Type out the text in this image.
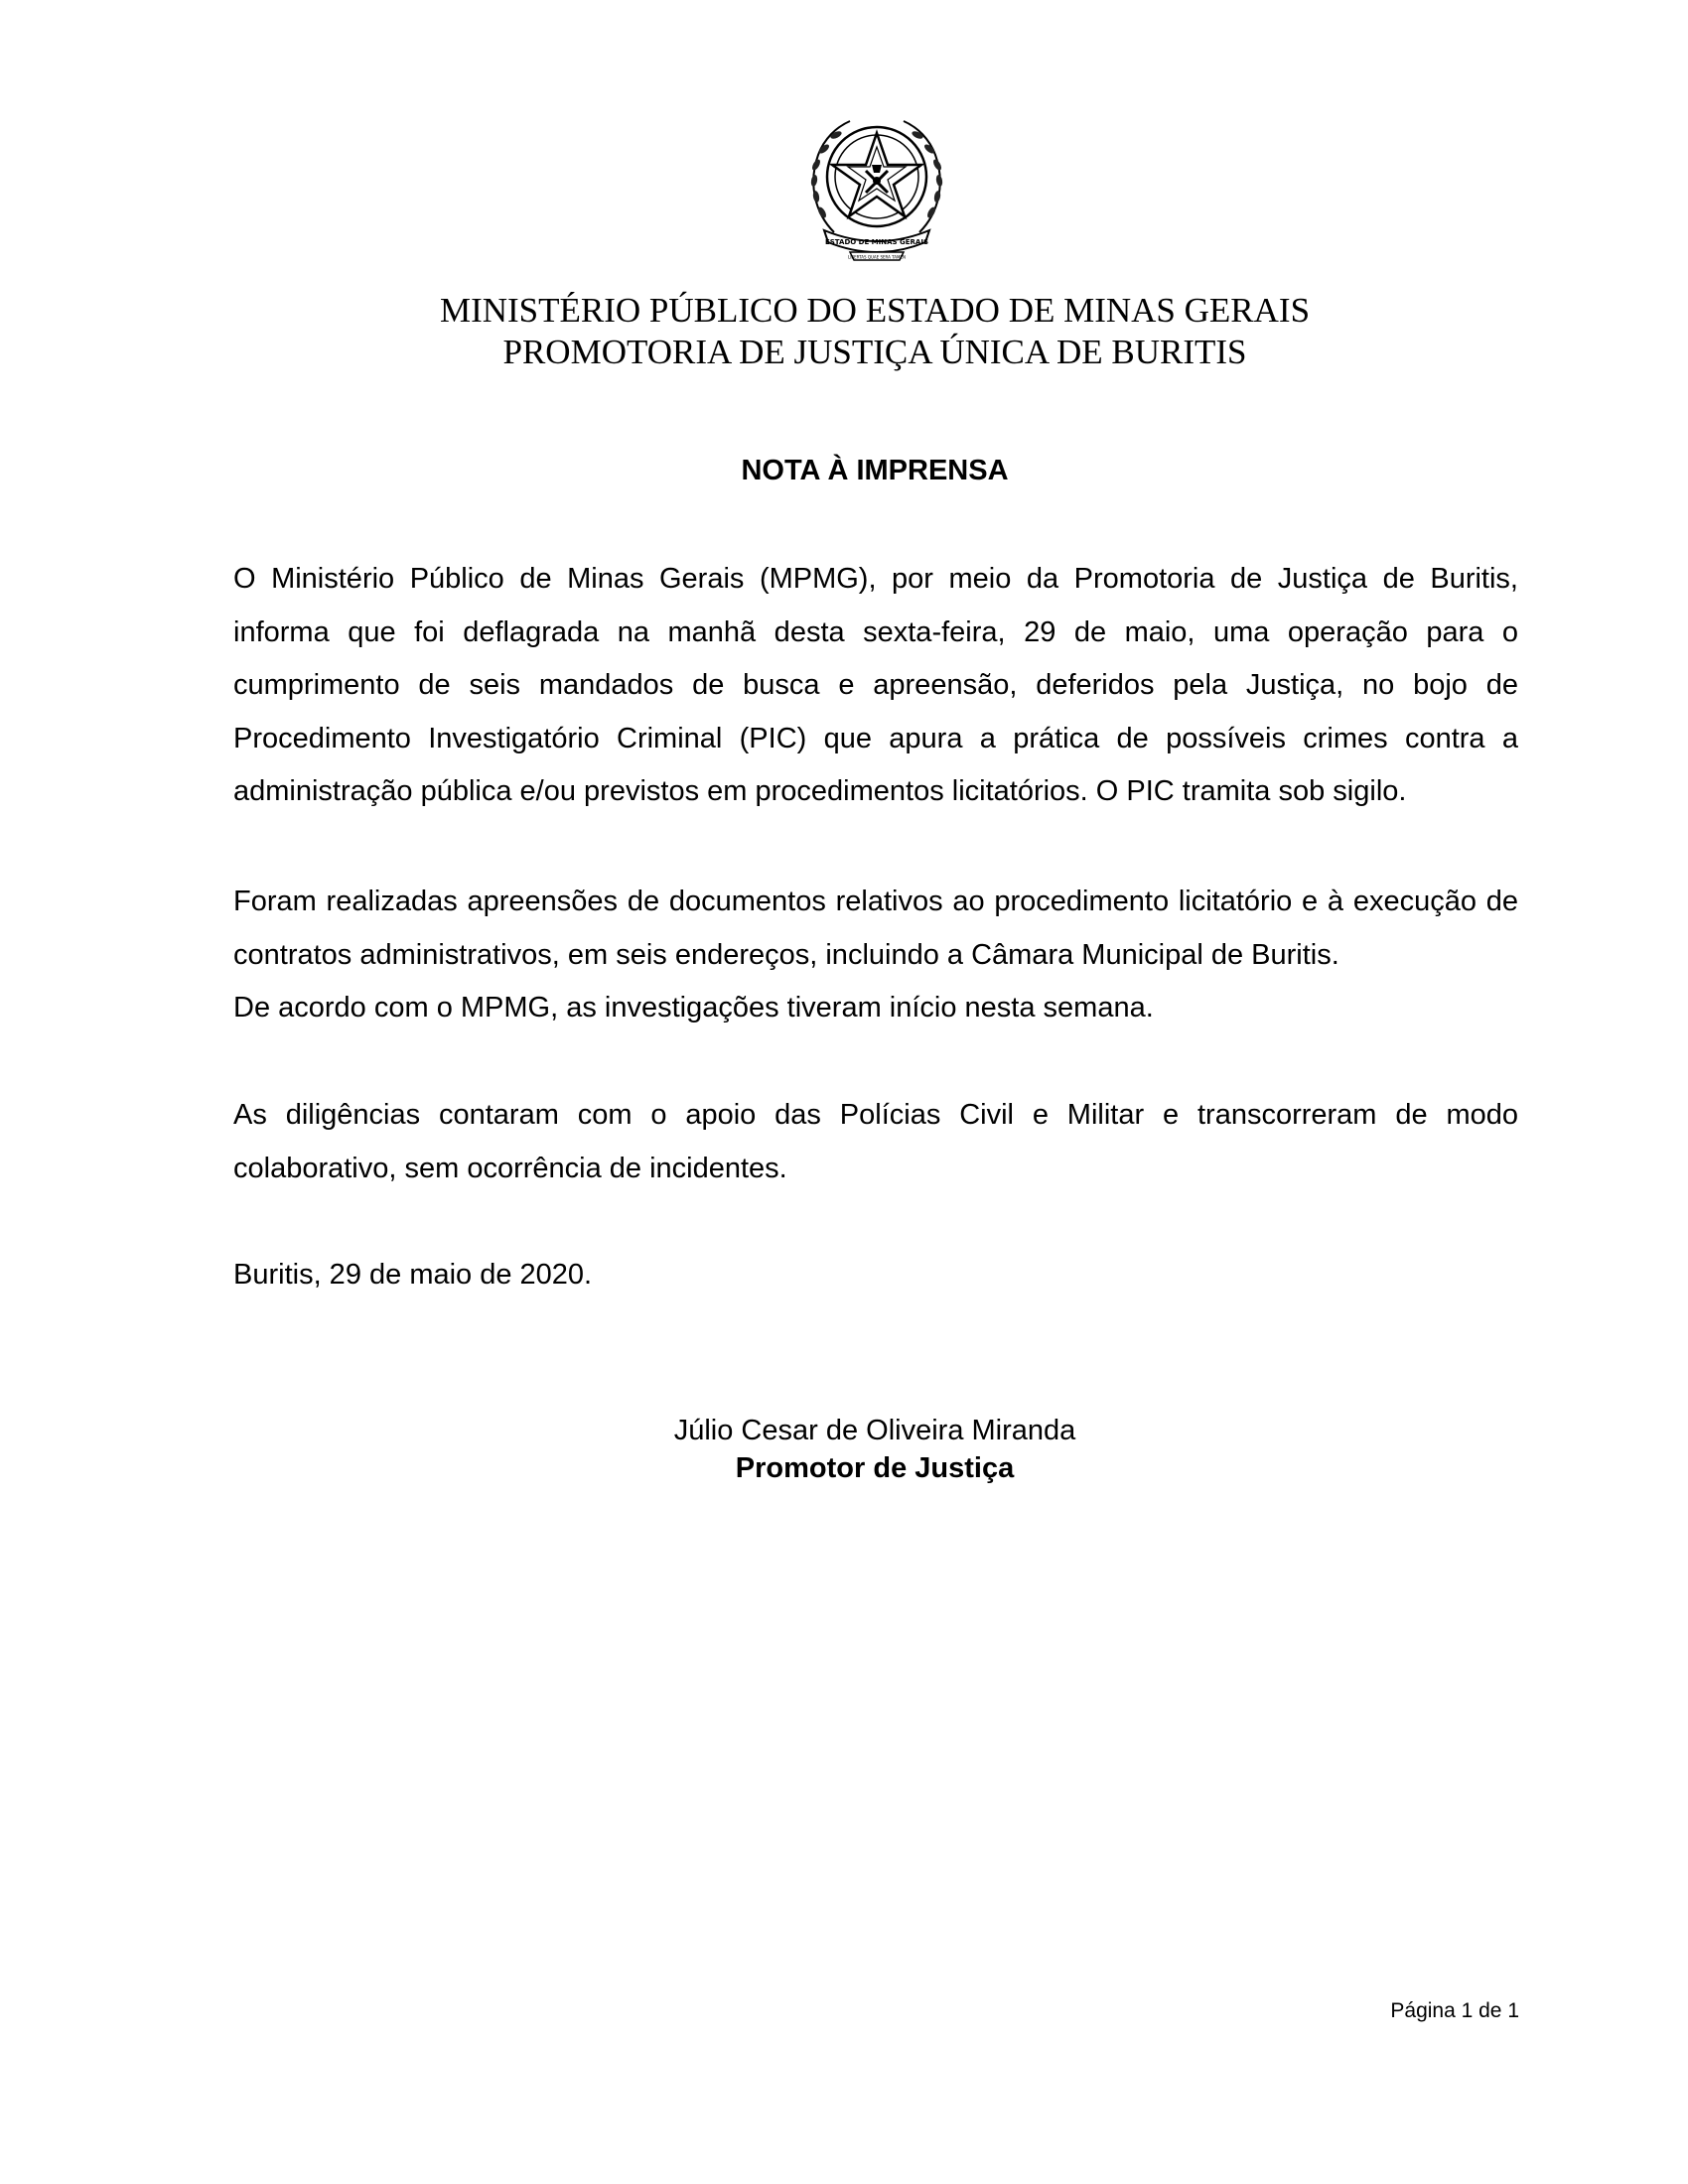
ESTADO DE MINAS GERAIS
LIBERTAS QUAE SERA TAMEN
MINISTÉRIO PÚBLICO DO ESTADO DE MINAS GERAIS
PROMOTORIA DE JUSTIÇA ÚNICA DE BURITIS
NOTA À IMPRENSA

O Ministério Público de Minas Gerais (MPMG), por meio da Promotoria de Justiça de Buritis, informa que foi deflagrada na manhã desta sexta-feira, 29 de maio, uma operação para o cumprimento de seis mandados de busca e apreensão, deferidos pela Justiça, no bojo de Procedimento Investigatório Criminal (PIC) que apura a prática de possíveis crimes contra a administração pública e/ou previstos em procedimentos licitatórios. O PIC tramita sob sigilo.

Foram realizadas apreensões de documentos relativos ao procedimento licitatório e à execução de contratos administrativos, em seis endereços, incluindo a Câmara Municipal de Buritis.
De acordo com o MPMG, as investigações tiveram início nesta semana.

As diligências contaram com o apoio das Polícias Civil e Militar e transcorreram de modo colaborativo, sem ocorrência de incidentes.

Buritis, 29 de maio de 2020.

Júlio Cesar de Oliveira Miranda
Promotor de Justiça
Página 1 de 1
